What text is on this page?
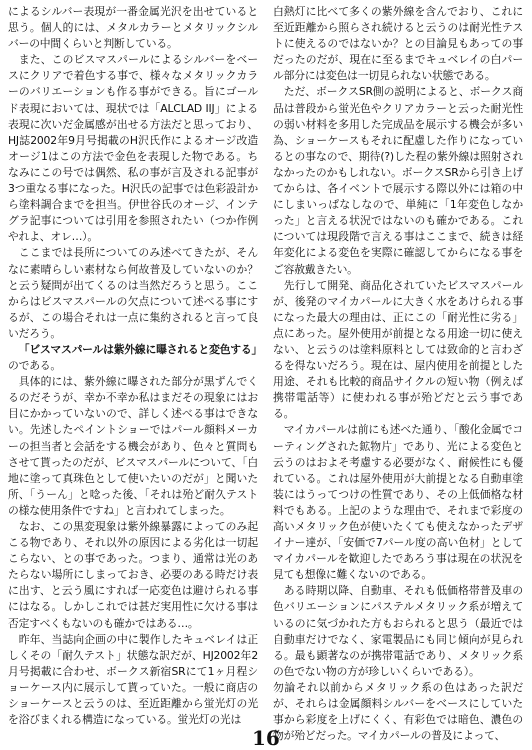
によるシルバー表現が一番金属光沢を出せていると思う。個人的には、メタルカラーとメタリックシルバーの中間くらいと判断している。

また、このビスマスパールによるシルバーをベースにクリアで着色する事で、様々なメタリックカラーのバリエーションも作る事ができる。旨にゴールド表現においては、現状では「ALCLAD IIJ」による表現に次いだ金属感が出せる方法だと思っており、HJ誌2002年9月号掲載のH沢氏作によるオージ改造オージ1はこの方法で金色を表現した物である。ちなみにこの号では偶然、私の事が言及される記事が3つ重なる事になった。H沢氏の記事では色彩設計から塗料調合までを担当。伊世谷氏のオージ、インテグラ記事については引用を参照されたい（つか作例やれよ、オレ…）。

ここまでは長所についてのみ述べてきたが、そんなに素晴らしい素材なら何故普及していないのか？と云う疑問が出てくるのは当然だろうと思う。ここからはビスマスパールの欠点について述べる事にするが、この場合それは一点に集約されると言って良いだろう。

「ビスマスパールは紫外線に曝されると変色する」

のである。

具体的には、紫外線に曝された部分が黒ずんでくるのだそうが、幸か不幸か私はまだその現象にはお目にかかっていないので、詳しく述べる事はできない。先述したペイントショーではパール顔料メーカーの担当者と会話をする機会があり、色々と質問もさせて貰ったのだが、ビスマスパールについて、「白地に塗って真珠色として使いたいのだが」と聞いた所、「うーん」と唸った後、「それは殆ど耐久テストの様な使用条件ですね」と言われてしまった。

なお、この黒変現象は紫外線暴露によってのみ起こる物であり、それ以外の原因による劣化は一切起こらない、との事であった。つまり、通常は光のあたらない場所にしまっておき、必要のある時だけ表に出す、と云う風にすれば一応変色は避けられる事にはなる。しかしこれでは甚だ実用性に欠ける事は否定すべくもないのも確かではある…。

昨年、当誌向企画の中に製作したキュベレイは正しくその「耐久テスト」状態な訳だが、HJ2002年2月号掲載に合わせ、ボークス新宿SRにて1ヶ月程ショーケース内に展示して貰っていた。一般に商店のショーケースと云うのは、至近距離から蛍光灯の光を浴びまくれる構造になっている。蛍光灯の光は

白熱灯に比べて多くの紫外線を含んでおり、これに至近距離から照らされ続けると云うのは耐光性テストに使えるのではないか？との目論見もあっての事だったのだが、現在に至るまでキュベレイの白パール部分には変色は一切見られない状態である。

ただ、ボークスSR側の説明によると、ボークス商品は普段から蛍光色やクリアカラーと云った耐光性の弱い材料を多用した完成品を展示する機会が多い為、ショーケースもそれに配慮した作りになっているとの事なので、期待(?)した程の紫外線は照射されなかったのかもしれない。ボークスSRから引き上げてからは、各イベントで展示する際以外には箱の中にしまいっぱなしなので、単純に「1年変色しなかった」と言える状況ではないのも確かである。これについては現段階で言える事はここまで、続きは経年変化による変色を実際に確認してからになる事をご容赦戴きたい。

先行して開発、商品化されていたビスマスパールが、後発のマイカパールに大きく水をあけられる事になった最大の理由は、正にこの「耐光性に劣る」点にあった。屋外使用が前提となる用途一切に使えない、と云うのは塗料原料としては致命的と言わざるを得ないだろう。現在は、屋内使用を前提とした用途、それも比較的商品サイクルの短い物（例えば携帯電話等）に使われる事が殆どだと云う事である。

マイカパールは前にも述べた通り、「酸化金属でコーティングされた鉱物片」であり、光による変色と云うのはおよそ考慮する必要がなく、耐候性にも優れている。これは屋外使用が大前提となる自動車塗装にはうってつけの性質であり、その上低価格な材料でもある。上記のような理由で、それまで彩度の高いメタリック色が使いたくても使えなかったデザイナー達が、「安価で7パール度の高い色材」としてマイカパールを歓迎したであろう事は現在の状況を見ても想像に難くないのである。

ある時期以降、自動車、それも低価格帯普及車の色バリエーションにパステルメタリック系が増えているのに気づかれた方もおられると思う（最近では自動車だけでなく、家電製品にも同じ傾向が見られる。最も顕著なのが携帯電話であり、メタリック系の色でない物の方が珍しいくらいである）。

勿論それ以前からメタリック系の色はあった訳だが、それらは金属顔料シルバーをベースにしていた事から彩度を上げにくく、有彩色では暗色、濃色の物が殆どだった。マイカパールの普及によって、

16
